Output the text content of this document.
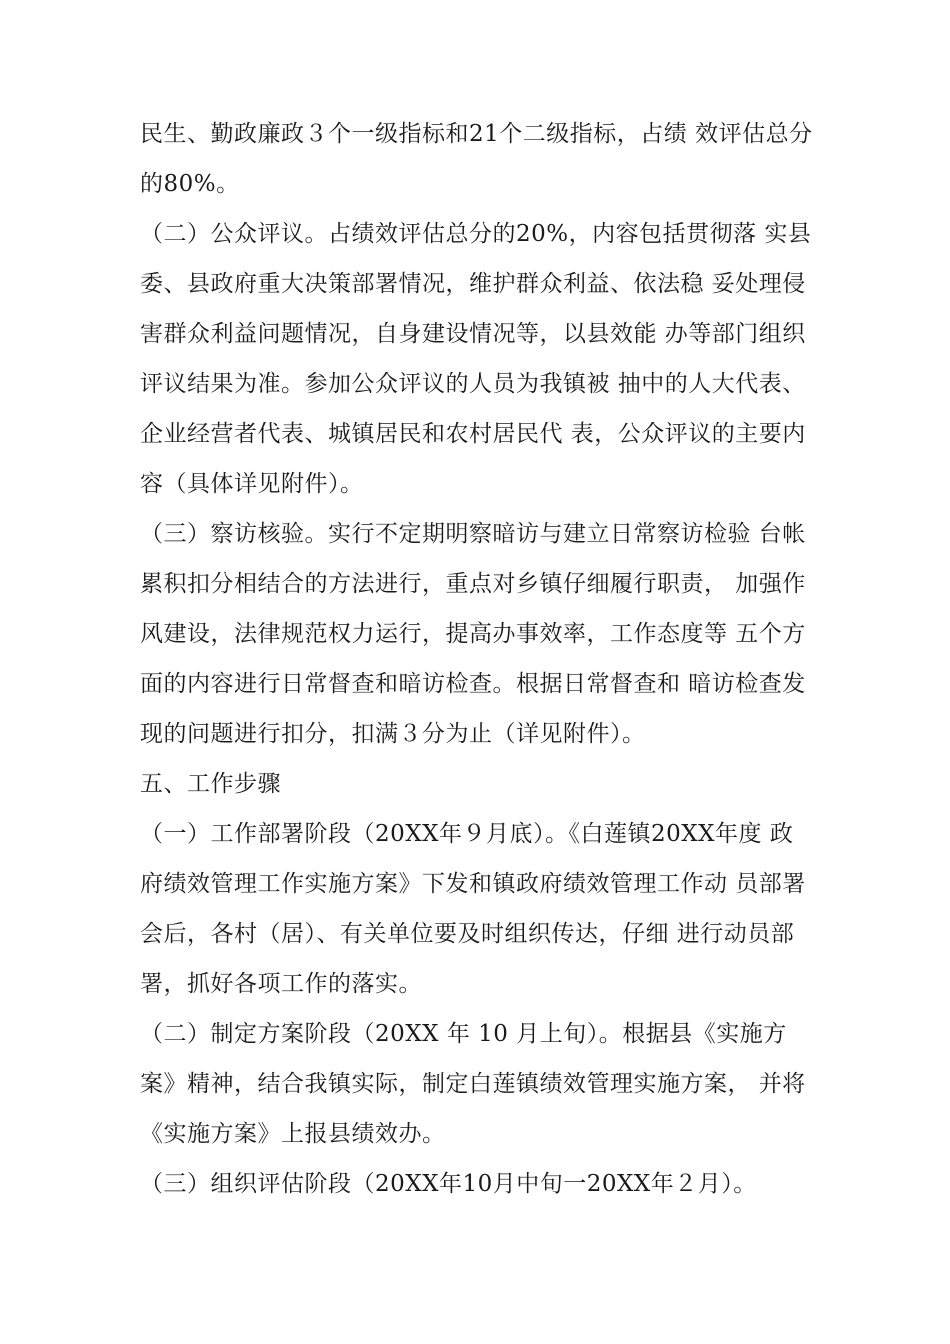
民生、勤政廉政３个一级指标和21个二级指标，占绩 效评估总分
的80%。
（二）公众评议。占绩效评估总分的20%，内容包括贯彻落 实县
委、县政府重大决策部署情况，维护群众利益、依法稳 妥处理侵
害群众利益问题情况，自身建设情况等，以县效能 办等部门组织
评议结果为准。参加公众评议的人员为我镇被 抽中的人大代表、
企业经营者代表、城镇居民和农村居民代 表，公众评议的主要内
容（具体详见附件）。
（三）察访核验。实行不定期明察暗访与建立日常察访检验 台帐
累积扣分相结合的方法进行，重点对乡镇仔细履行职责， 加强作
风建设，法律规范权力运行，提高办事效率，工作态度等 五个方
面的内容进行日常督查和暗访检查。根据日常督查和 暗访检查发
现的问题进行扣分，扣满３分为止（详见附件）。
五、工作步骤
（一）工作部署阶段（20XX年９月底）。《白莲镇20XX年度 政
府绩效管理工作实施方案》下发和镇政府绩效管理工作动 员部署
会后，各村（居）、有关单位要及时组织传达，仔细 进行动员部
署，抓好各项工作的落实。
（二）制定方案阶段（20XX 年 10 月上旬）。根据县《实施方
案》精神，结合我镇实际，制定白莲镇绩效管理实施方案， 并将
《实施方案》上报县绩效办。
（三）组织评估阶段（20XX年10月中旬一20XX年２月）。
